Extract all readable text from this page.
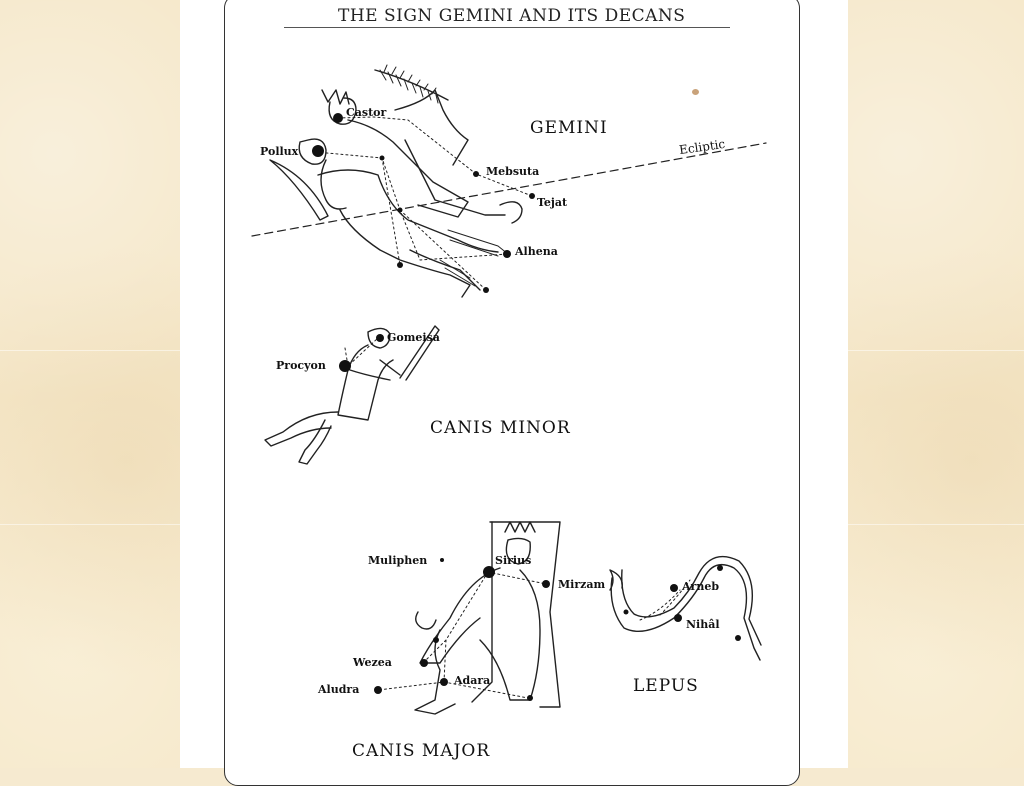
THE SIGN GEMINI AND ITS DECANS
Ecliptic
GEMINI
CANIS MINOR
LEPUS
CANIS MAJOR
Castor
Pollux
Mebsuta
Tejat
Alhena
Gomeisa
Procyon
Muliphen	Sirius
Mirzam
Wezea
Adara
Aludra
Arneb
Nihâl
